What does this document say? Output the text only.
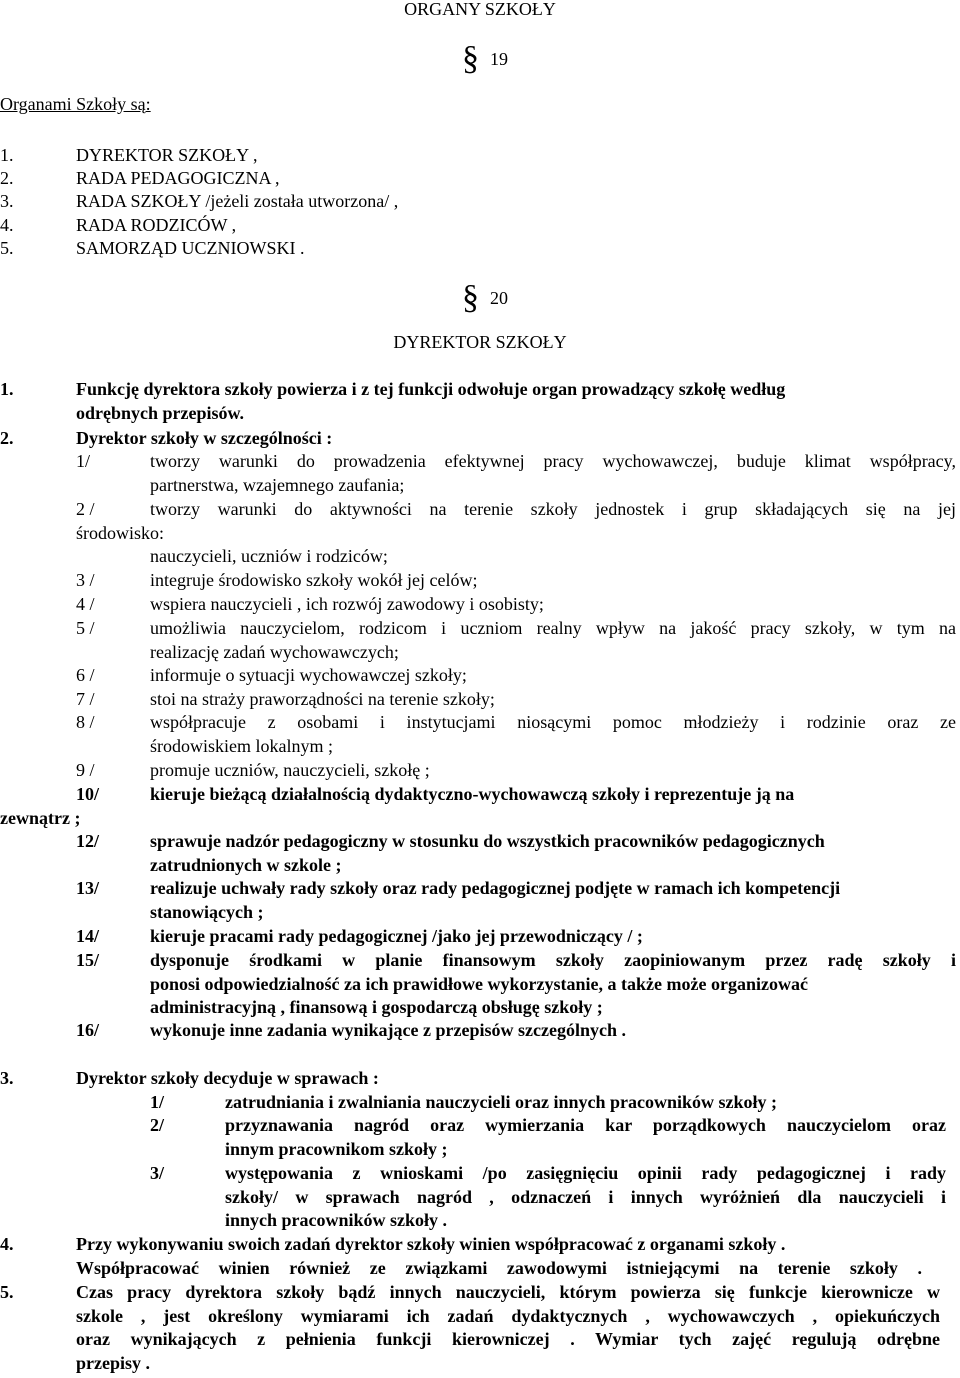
ORGANY SZKOŁY
§ 19
Organami Szkoły są:
1.	DYREKTOR SZKOŁY ,
2.	RADA PEDAGOGICZNA ,
3.	RADA SZKOŁY /jeżeli została utworzona/ ,
4.	RADA RODZICÓW ,
5.	SAMORZĄD UCZNIOWSKI .
§ 20
DYREKTOR SZKOŁY
1.	Funkcję dyrektora szkoły powierza i z tej funkcji odwołuje organ prowadzący szkołę według
odrębnych przepisów.
2.	Dyrektor szkoły w szczególności :
1/	tworzy warunki do prowadzenia efektywnej pracy wychowawczej, buduje klimat współpracy,
partnerstwa, wzajemnego zaufania;
2 /	tworzy warunki do aktywności na terenie szkoły jednostek i grup składających się na jej
środowisko:
nauczycieli, uczniów i rodziców;
3 /	integruje środowisko szkoły wokół jej celów;
4 /	wspiera nauczycieli , ich rozwój zawodowy i osobisty;
5 /	umożliwia nauczycielom, rodzicom i uczniom realny wpływ na jakość pracy szkoły, w tym na
realizację zadań wychowawczych;
6 /	informuje o sytuacji wychowawczej szkoły;
7 /	stoi na straży praworządności na terenie szkoły;
8 /	współpracuje z osobami i instytucjami niosącymi pomoc młodzieży i rodzinie oraz ze
środowiskiem lokalnym ;
9 /	promuje uczniów, nauczycieli, szkołę ;
10/	kieruje bieżącą działalnością dydaktyczno-wychowawczą szkoły i reprezentuje ją na
zewnątrz ;
12/	sprawuje nadzór pedagogiczny w stosunku do wszystkich pracowników pedagogicznych
zatrudnionych w szkole ;
13/	realizuje uchwały rady szkoły oraz rady pedagogicznej podjęte w ramach ich kompetencji
stanowiących ;
14/	kieruje pracami rady pedagogicznej /jako jej przewodniczący / ;
15/	dysponuje środkami w planie finansowym szkoły zaopiniowanym przez radę szkoły i
ponosi odpowiedzialność za ich prawidłowe wykorzystanie, a także może organizować
administracyjną , finansową i gospodarczą obsługę szkoły ;
16/	wykonuje inne zadania wynikające z przepisów szczególnych .
3.	Dyrektor szkoły decyduje w sprawach :
1/	zatrudniania i zwalniania nauczycieli oraz innych pracowników szkoły ;
2/	przyznawania nagród oraz wymierzania kar porządkowych nauczycielom oraz
innym pracownikom szkoły ;
3/	występowania z wnioskami /po zasięgnięciu opinii rady pedagogicznej i rady
szkoły/ w sprawach nagród , odznaczeń i innych wyróżnień dla nauczycieli i
innych pracowników szkoły .
4.	Przy wykonywaniu swoich zadań dyrektor szkoły winien współpracować z organami szkoły .
Współpracować winien również ze związkami zawodowymi istniejącymi na terenie szkoły .
5.	Czas pracy dyrektora szkoły bądź innych nauczycieli, którym powierza się funkcje kierownicze w
szkole , jest określony wymiarami ich zadań dydaktycznych , wychowawczych , opiekuńczych
oraz wynikających z pełnienia funkcji kierowniczej . Wymiar tych zajęć regulują odrębne
przepisy .
